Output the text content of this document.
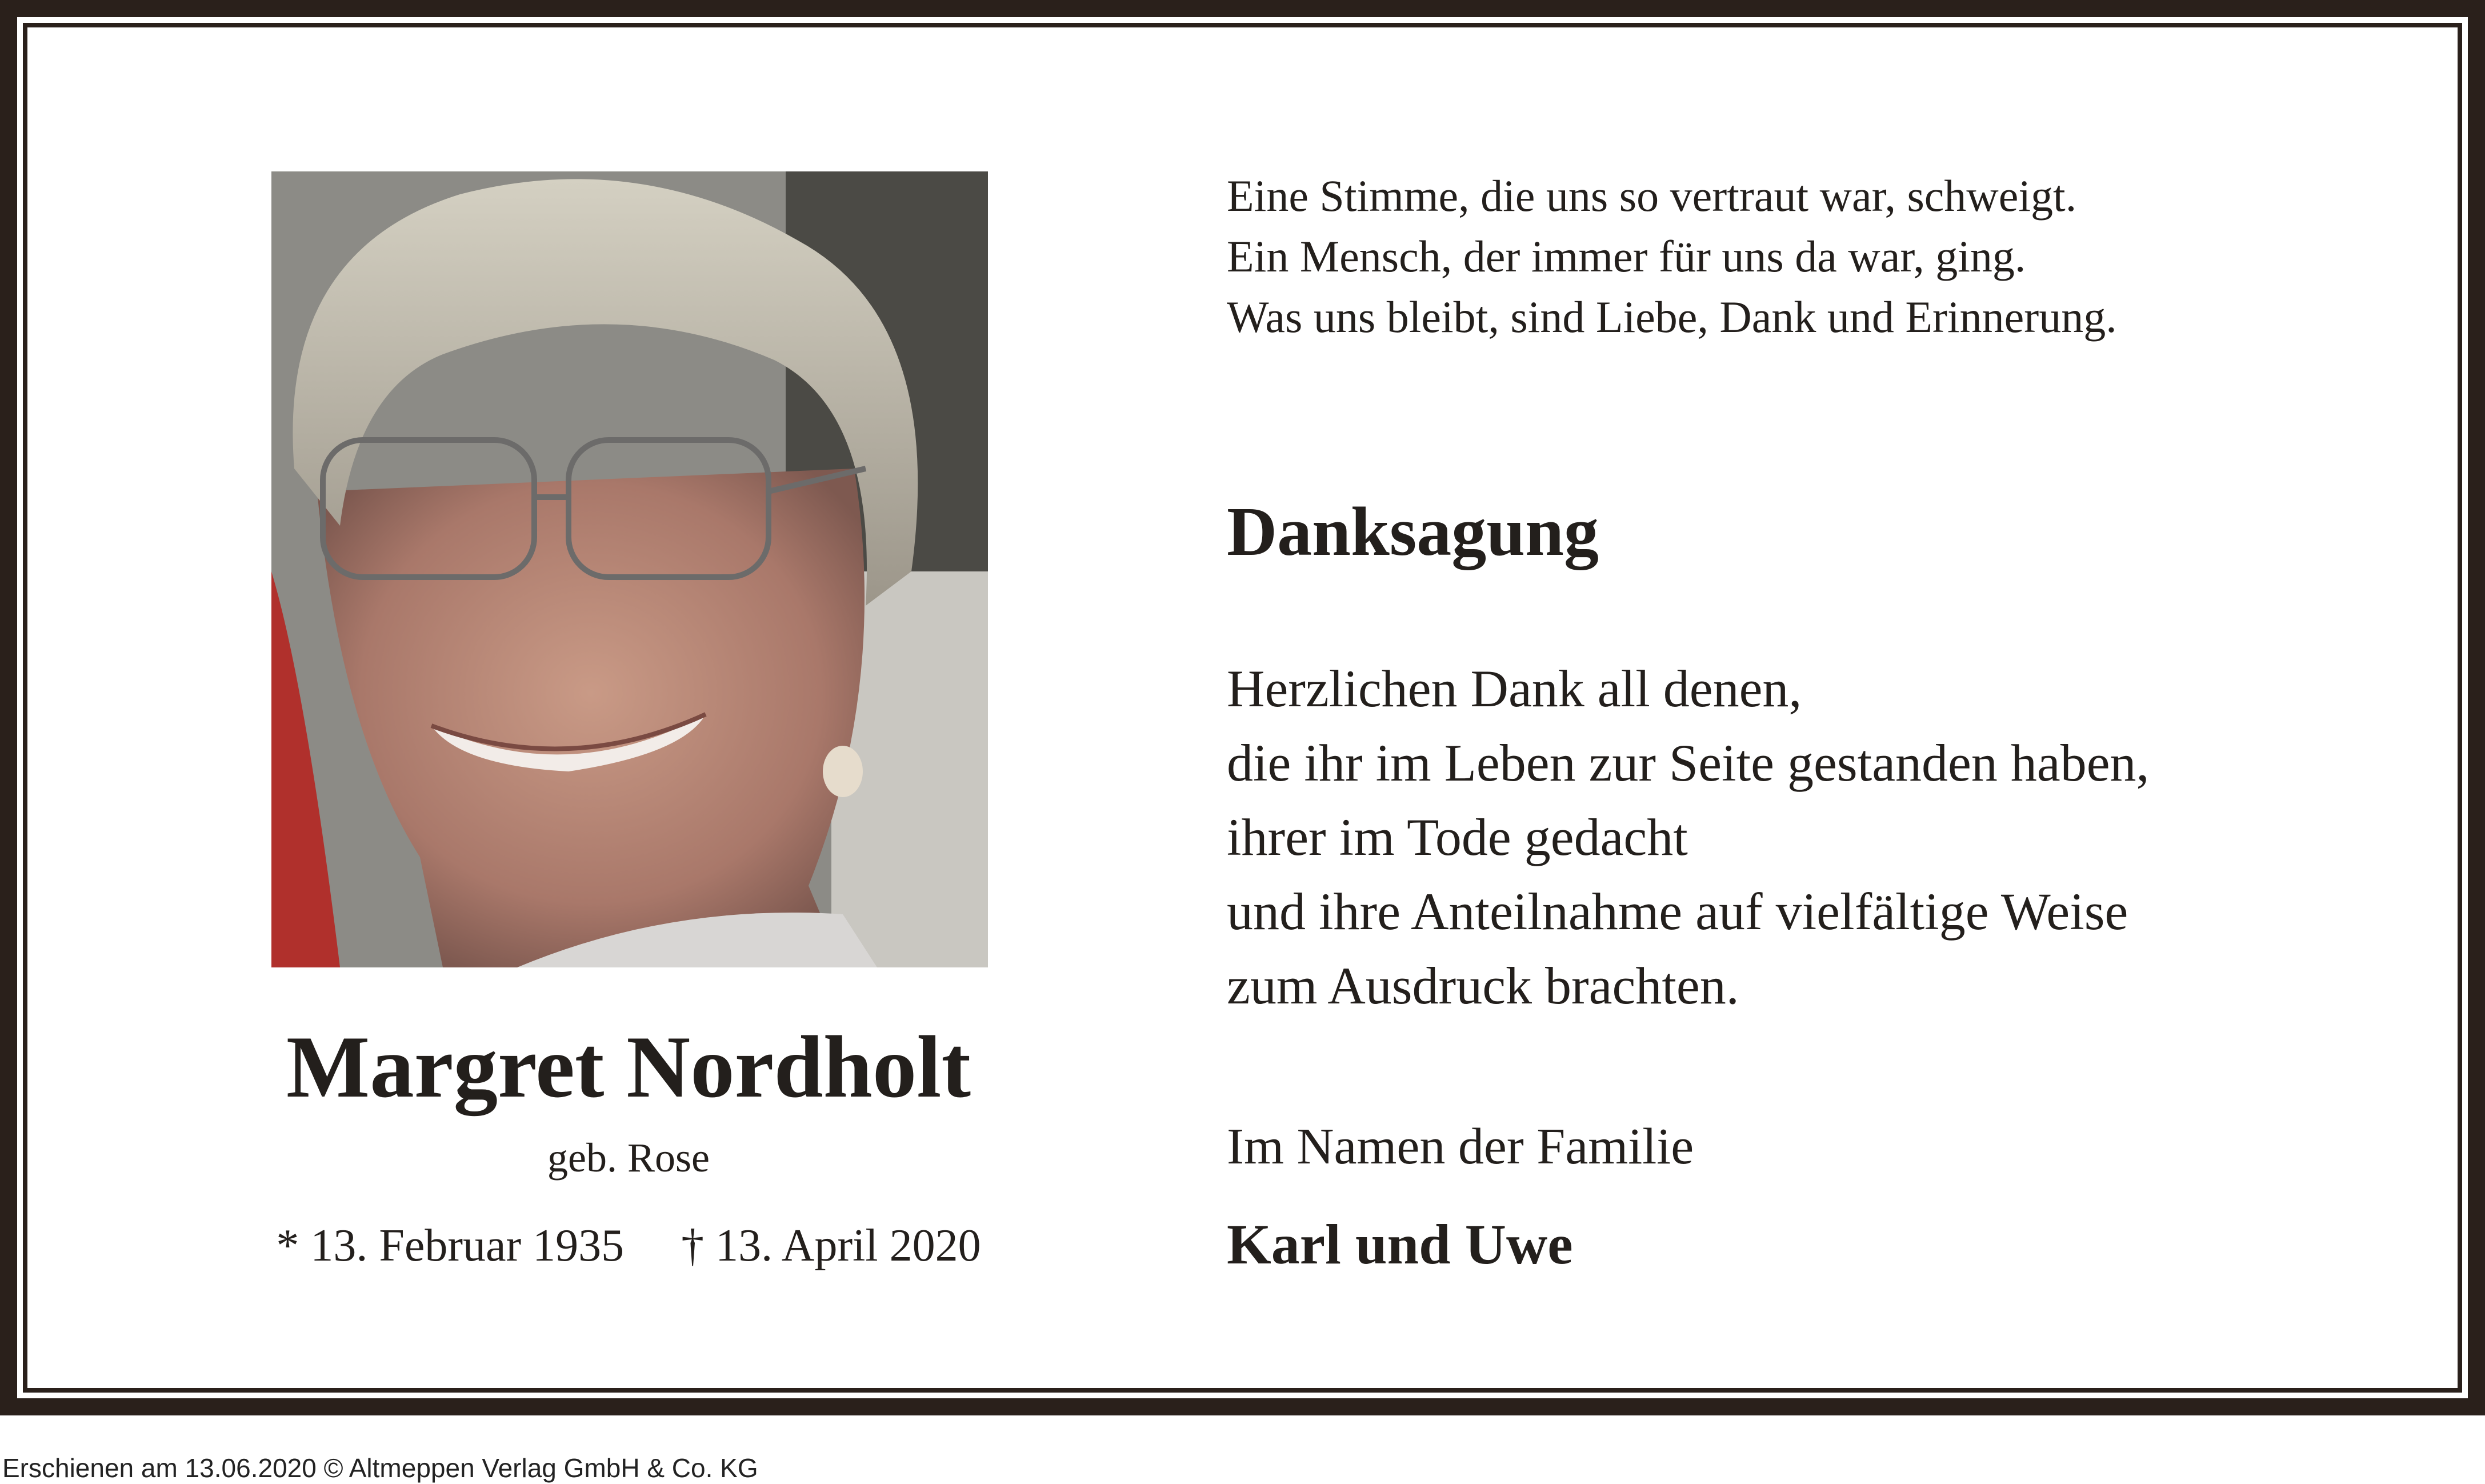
Margret Nordholt
geb. Rose
* 13. Februar 1935 † 13. April 2020
Eine Stimme, die uns so vertraut war, schweigt.
Ein Mensch, der immer für uns da war, ging.
Was uns bleibt, sind Liebe, Dank und Erinnerung.
Danksagung
Herzlichen Dank all denen,
die ihr im Leben zur Seite gestanden haben,
ihrer im Tode gedacht
und ihre Anteilnahme auf vielfältige Weise
zum Ausdruck brachten.
Im Namen der Familie
Karl und Uwe
Erschienen am 13.06.2020 © Altmeppen Verlag GmbH & Co. KG
